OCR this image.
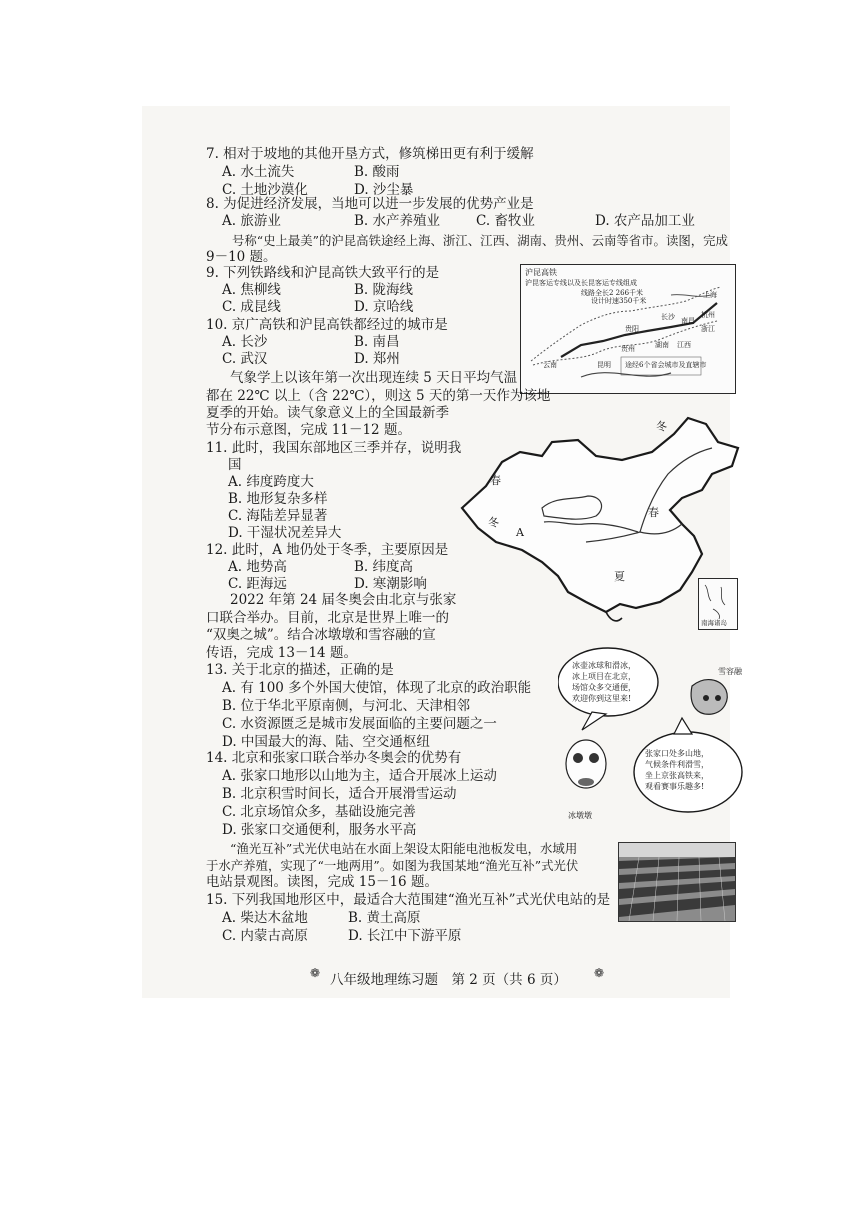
7. 相对于坡地的其他开垦方式，修筑梯田更有利于缓解
A. 水土流失	B. 酸雨
C. 土地沙漠化	D. 沙尘暴
8. 为促进经济发展，当地可以进一步发展的优势产业是
A. 旅游业	B. 水产养殖业	C. 畜牧业	D. 农产品加工业
号称“史上最美”的沪昆高铁途经上海、浙江、江西、湖南、贵州、云南等省市。读图，完成
9－10 题。
9. 下列铁路线和沪昆高铁大致平行的是
A. 焦柳线	B. 陇海线
C. 成昆线	D. 京哈线
10. 京广高铁和沪昆高铁都经过的城市是
A. 长沙	B. 南昌
C. 武汉	D. 郑州
沪昆高铁
沪昆客运专线以及长昆客运专线组成
线路全长2 266千米
设计时速350千米
上海
杭州
浙江
长沙 南昌
江西
湖南
贵阳
贵州
昆明
云南	途经6个省会城市及直辖市
气象学上以该年第一次出现连续 5 天日平均气温
都在 22℃ 以上（含 22℃），则这 5 天的第一天作为该地
夏季的开始。读气象意义上的全国最新季
节分布示意图，完成 11－12 题。
11. 此时，我国东部地区三季并存，说明我
国
A. 纬度跨度大
B. 地形复杂多样
C. 海陆差异显著
D. 干湿状况差异大
12. 此时，A 地仍处于冬季，主要原因是
A. 地势高	B. 纬度高
C. 距海远	D. 寒潮影响
冬
春
冬
A
春
夏
南海诸岛
2022 年第 24 届冬奥会由北京与张家
口联合举办。目前，北京是世界上唯一的
“双奥之城”。结合冰墩墩和雪容融的宣
传语，完成 13－14 题。
13. 关于北京的描述，正确的是
A. 有 100 多个外国大使馆，体现了北京的政治职能
B. 位于华北平原南侧，与河北、天津相邻
C. 水资源匮乏是城市发展面临的主要问题之一
D. 中国最大的海、陆、空交通枢纽
14. 北京和张家口联合举办冬奥会的优势有
A. 张家口地形以山地为主，适合开展冰上运动
B. 北京积雪时间长，适合开展滑雪运动
C. 北京场馆众多，基础设施完善
D. 张家口交通便利，服务水平高
冰壶冰球和滑冰，
冰上项目在北京，
场馆众多交通便，
欢迎你到这里来!
雪容融
张家口处多山地，
气候条件利滑雪，
坐上京张高铁来，
观看赛事乐趣多!
冰墩墩
“渔光互补”式光伏电站在水面上架设太阳能电池板发电，水域用
于水产养殖，实现了“一地两用”。如图为我国某地“渔光互补”式光伏
电站景观图。读图，完成 15－16 题。
15. 下列我国地形区中，最适合大范围建“渔光互补”式光伏电站的是
A. 柴达木盆地	B. 黄土高原
C. 内蒙古高原	D. 长江中下游平原
❁ 八年级地理练习题　第 2 页（共 6 页） ❁
